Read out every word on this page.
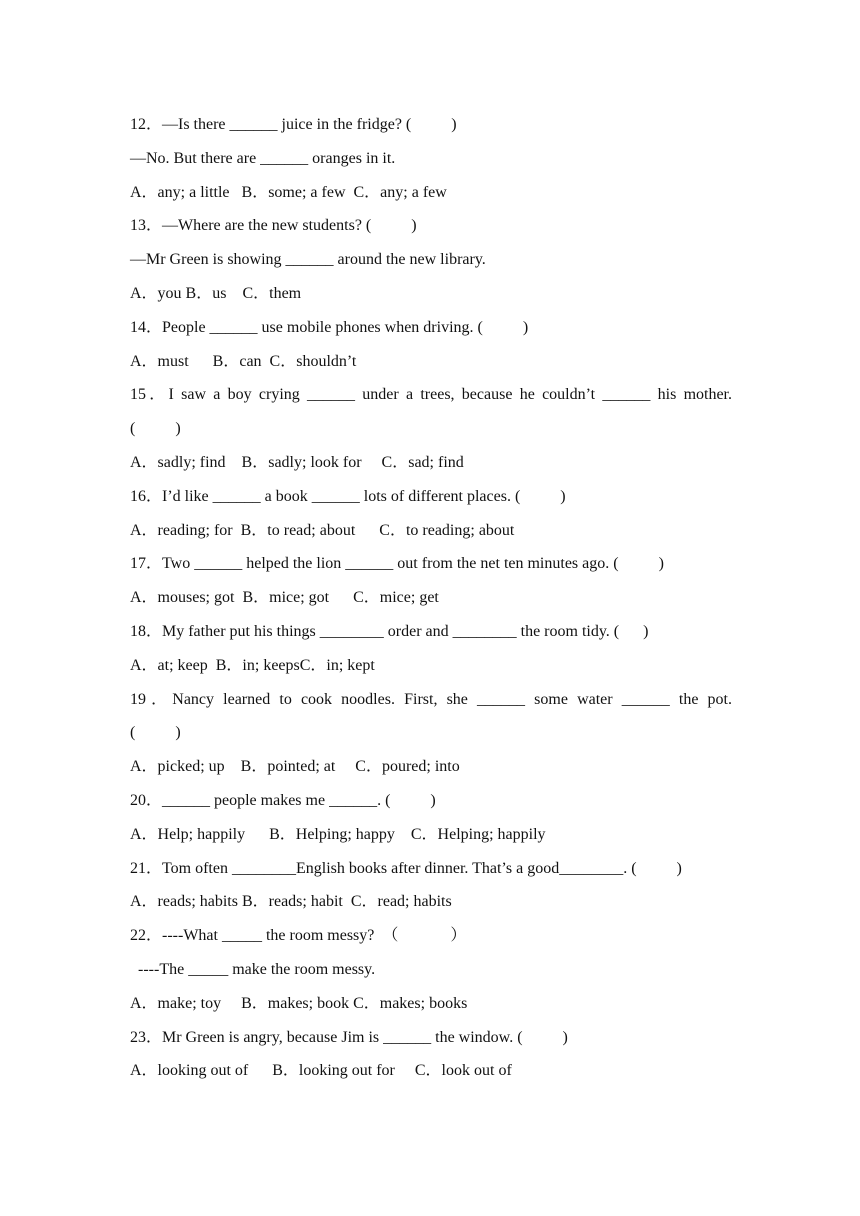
12．—Is there ______ juice in the fridge? (          )
—No. But there are ______ oranges in it.
A．any; a little   B．some; a few  C．any; a few
13．—Where are the new students? (          )
—Mr Green is showing ______ around the new library.
A．you B．us    C．them
14．People ______ use mobile phones when driving. (          )
A．must      B．can  C．shouldn’t
15．I saw a boy crying ______ under a trees, because he couldn’t ______ his mother.
(          )
A．sadly; find    B．sadly; look for     C．sad; find
16．I’d like ______ a book ______ lots of different places. (          )
A．reading; for  B．to read; about      C．to reading; about
17．Two ______ helped the lion ______ out from the net ten minutes ago. (          )
A．mouses; got  B．mice; got      C．mice; get
18．My father put his things ________ order and ________ the room tidy. (      )
A．at; keep  B．in; keepsC．in; kept
19．Nancy learned to cook noodles. First, she ______ some water ______ the pot.
(          )
A．picked; up    B．pointed; at     C．poured; into
20．______ people makes me ______. (          )
A．Help; happily      B．Helping; happy    C．Helping; happily
21．Tom often ________English books after dinner. That’s a good________. (          )
A．reads; habits B．reads; habit  C．read; habits
22．----What _____ the room messy?  （             ）
----The _____ make the room messy.
A．make; toy     B．makes; book C．makes; books
23．Mr Green is angry, because Jim is ______ the window. (          )
A．looking out of      B．looking out for     C．look out of
